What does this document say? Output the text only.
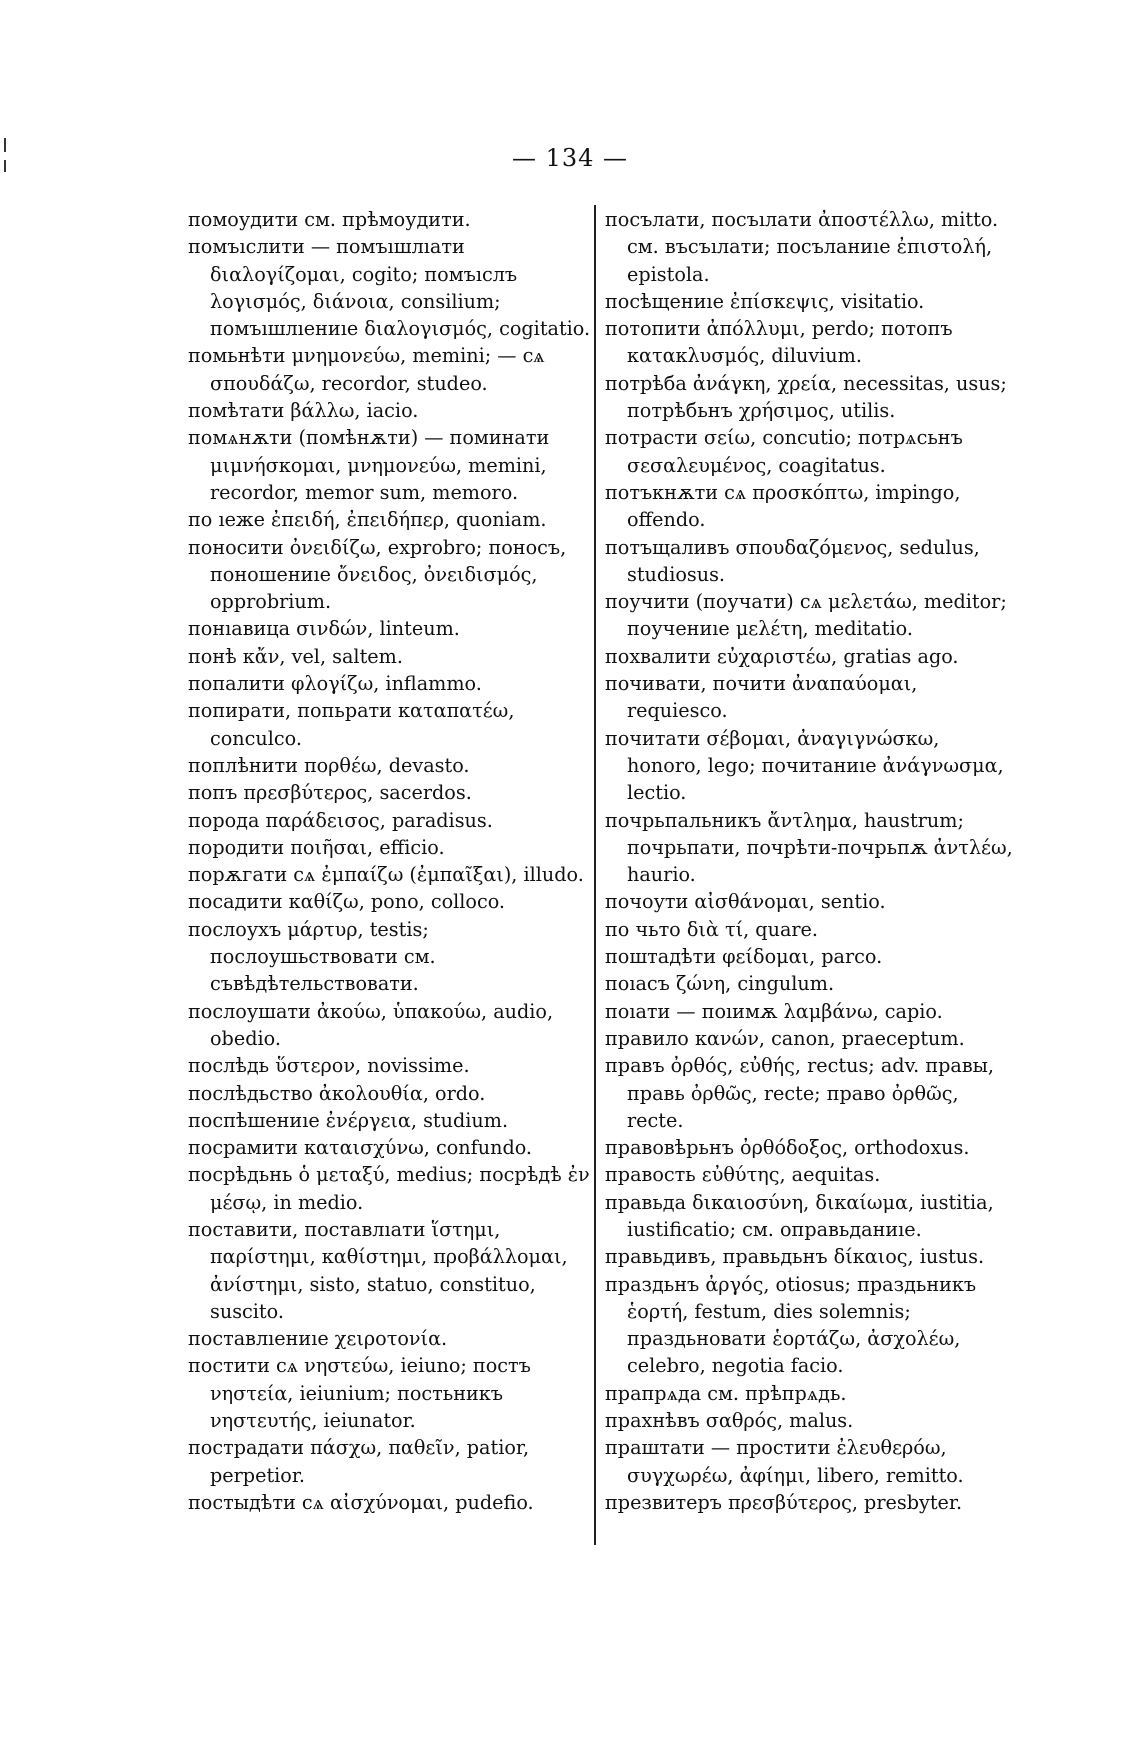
— 134 —

помоудити см. прѣмоудити.

помъıслити — помъıшлıати διαλογίζομαι, cogito; помъıслъ λογισμός, διάνοια, consilium; помъıшлıениıе διαλογισμός, cogitatio.

помьнѣти μνημονεύω, memini; — сѧ σπουδάζω, recordor, studeo.

помѣтати βάλλω, iacio.

помѧнѫти (помѣнѫти) — поминати μιμνήσκομαι, μνημονεύω, memini, recordor, memor sum, memoro.

по ıеже ἐπειδή, ἐπειδήπερ, quoniam.

поносити ὀνειδίζω, exprobro; поносъ, поношениıе ὄνειδος, ὀνειδισμός, opprobrium.

понıавица σινδών, linteum.

понѣ κἄν, vel, saltem.

попалити φλογίζω, inflammo.

попирати, попьрати καταπατέω, conculco.

поплѣнити πορθέω, devasto.

попъ πρεσβύτερος, sacerdos.

порода παράδεισος, paradisus.

породити ποιῆσαι, efficio.

порѫгати сѧ ἐμπαίζω (ἐμπαῖξαι), illudo.

посадити καθίζω, pono, colloco.

послоухъ μάρτυρ, testis; послоушьствовати см. съвѣдѣтельствовати.

послоушати ἀκούω, ὑπακούω, audio, obedio.

послѣдь ὕστερον, novissime.

послѣдьство ἀκολουθία, ordo.

поспѣшениıе ἐνέργεια, studium.

посрамити καταισχύνω, confundo.

посрѣдьнь ὁ μεταξύ, medius; посрѣдѣ ἐν μέσῳ, in medio.

поставити, поставлıати ἵστημι, παρίστημι, καθίστημι, προβάλλομαι, ἀνίστημι, sisto, statuo, constituo, suscito.

поставлıениıе χειροτονία.

постити сѧ νηστεύω, ieiuno; постъ νηστεία, ieiunium; постьникъ νηστευτής, ieiunator.

пострадати πάσχω, παθεῖν, patior, perpetior.

постыдѣти сѧ αἰσχύνομαι, pudefio.

посълати, посъıлати ἀποστέλλω, mitto. см. въсъıлати; посъланиıе ἐπιστολή, epistola.

посѣщениıе ἐπίσκεψις, visitatio.

потопити ἀπόλλυμι, perdo; потопъ κατακλυσμός, diluvium.

потрѣба ἀνάγκη, χρεία, necessitas, usus; потрѣбьнъ χρήσιμος, utilis.

потрасти σείω, concutio; потрѧсьнъ σεσαλευμένος, coagitatus.

потъкнѫти сѧ προσκόπτω, impingo, offendo.

потъщаливъ σπουδαζόμενος, sedulus, studiosus.

поучити (поучати) сѧ μελετάω, meditor; поучениıе μελέτη, meditatio.

похвалити εὐχαριστέω, gratias ago.

почивати, почити ἀναπαύομαι, requiesco.

почитати σέβομαι, ἀναγιγνώσκω, honoro, lego; почитаниıе ἀνάγνωσμα, lectio.

почрьпальникъ ἄντλημα, haustrum; почрьпати, почрѣти-почрьпѫ ἀντλέω, haurio.

почоути αἰσθάνομαι, sentio.

по чьто διὰ τί, quare.

поштадѣти φείδομαι, parco.

поıасъ ζώνη, cingulum.

поıати — поıимѫ λαμβάνω, capio.

правило κανών, canon, praeceptum.

правъ ὀρθός, εὐθής, rectus; adv. правы, правь ὀρθῶς, recte; право ὀρθῶς, recte.

правовѣрьнъ ὀρθόδοξος, orthodoxus.

правость εὐθύτης, aequitas.

правьда δικαιοσύνη, δικαίωμα, iustitia, iustificatio; см. оправьданиıе.

правьдивъ, правьдьнъ δίκαιος, iustus.

праздьнъ ἀργός, otiosus; праздьникъ ἑορτή, festum, dies solemnis; праздьновати ἑορτάζω, ἀσχολέω, celebro, negotia facio.

прапрѧда см. прѣпрѧдь.

прахнѣвъ σαθρός, malus.

праштати — простити ἐλευθερόω, συγχωρέω, ἀφίημι, libero, remitto.

презвитеръ πρεσβύτερος, presbyter.
